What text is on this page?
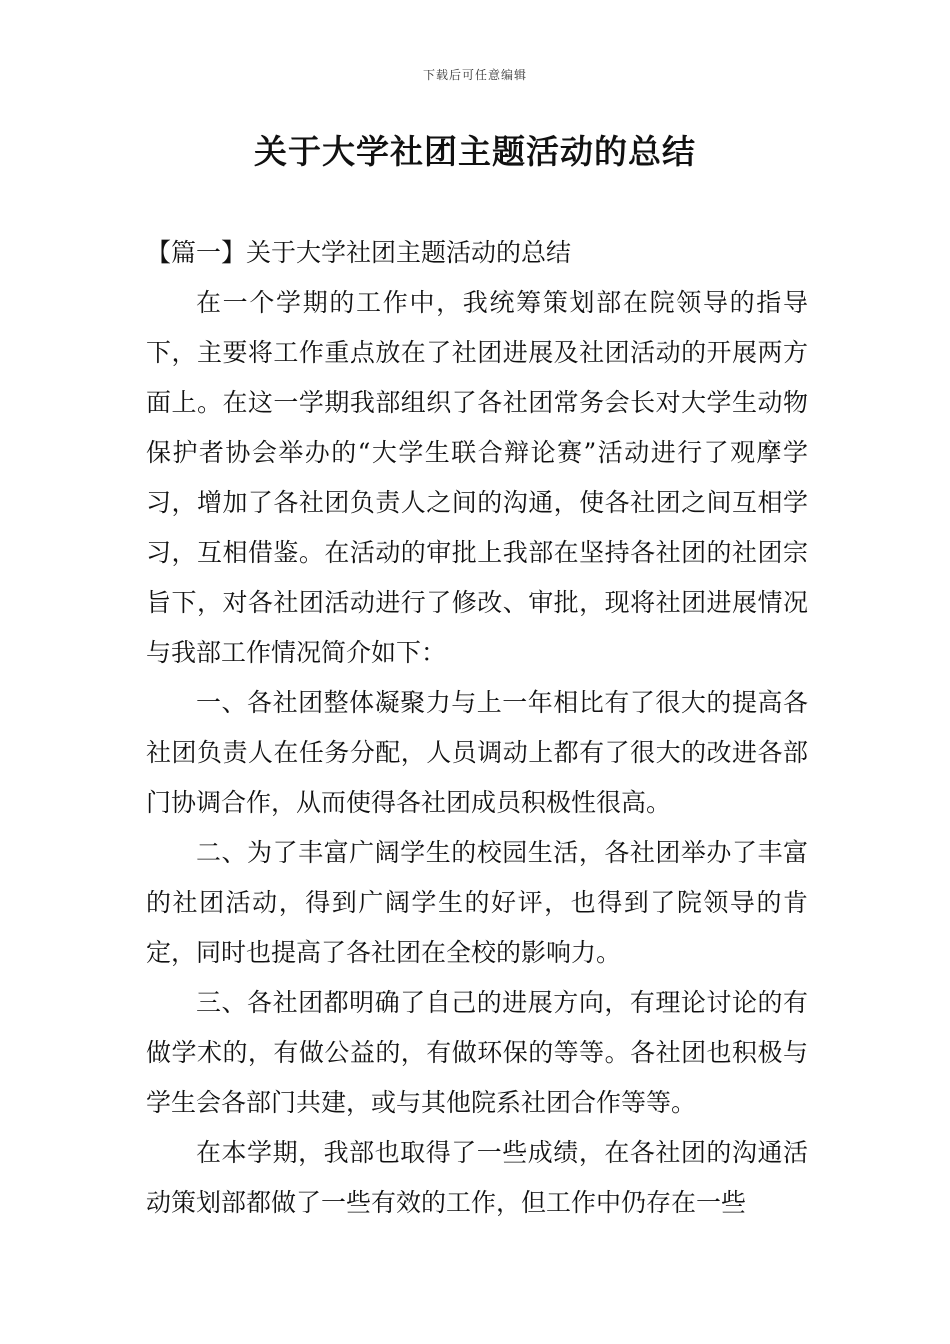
下载后可任意编辑
关于大学社团主题活动的总结

【篇一】关于大学社团主题活动的总结

在一个学期的工作中，我统筹策划部在院领导的指导下，主要将工作重点放在了社团进展及社团活动的开展两方面上。在这一学期我部组织了各社团常务会长对大学生动物保护者协会举办的“大学生联合辩论赛”活动进行了观摩学习，增加了各社团负责人之间的沟通，使各社团之间互相学习，互相借鉴。在活动的审批上我部在坚持各社团的社团宗旨下，对各社团活动进行了修改、审批，现将社团进展情况与我部工作情况简介如下：

一、各社团整体凝聚力与上一年相比有了很大的提高各社团负责人在任务分配，人员调动上都有了很大的改进各部门协调合作，从而使得各社团成员积极性很高。

二、为了丰富广阔学生的校园生活，各社团举办了丰富的社团活动，得到广阔学生的好评，也得到了院领导的肯定，同时也提高了各社团在全校的影响力。

三、各社团都明确了自己的进展方向，有理论讨论的有做学术的，有做公益的，有做环保的等等。各社团也积极与学生会各部门共建，或与其他院系社团合作等等。

在本学期，我部也取得了一些成绩，在各社团的沟通活动策划部都做了一些有效的工作，但工作中仍存在一些
